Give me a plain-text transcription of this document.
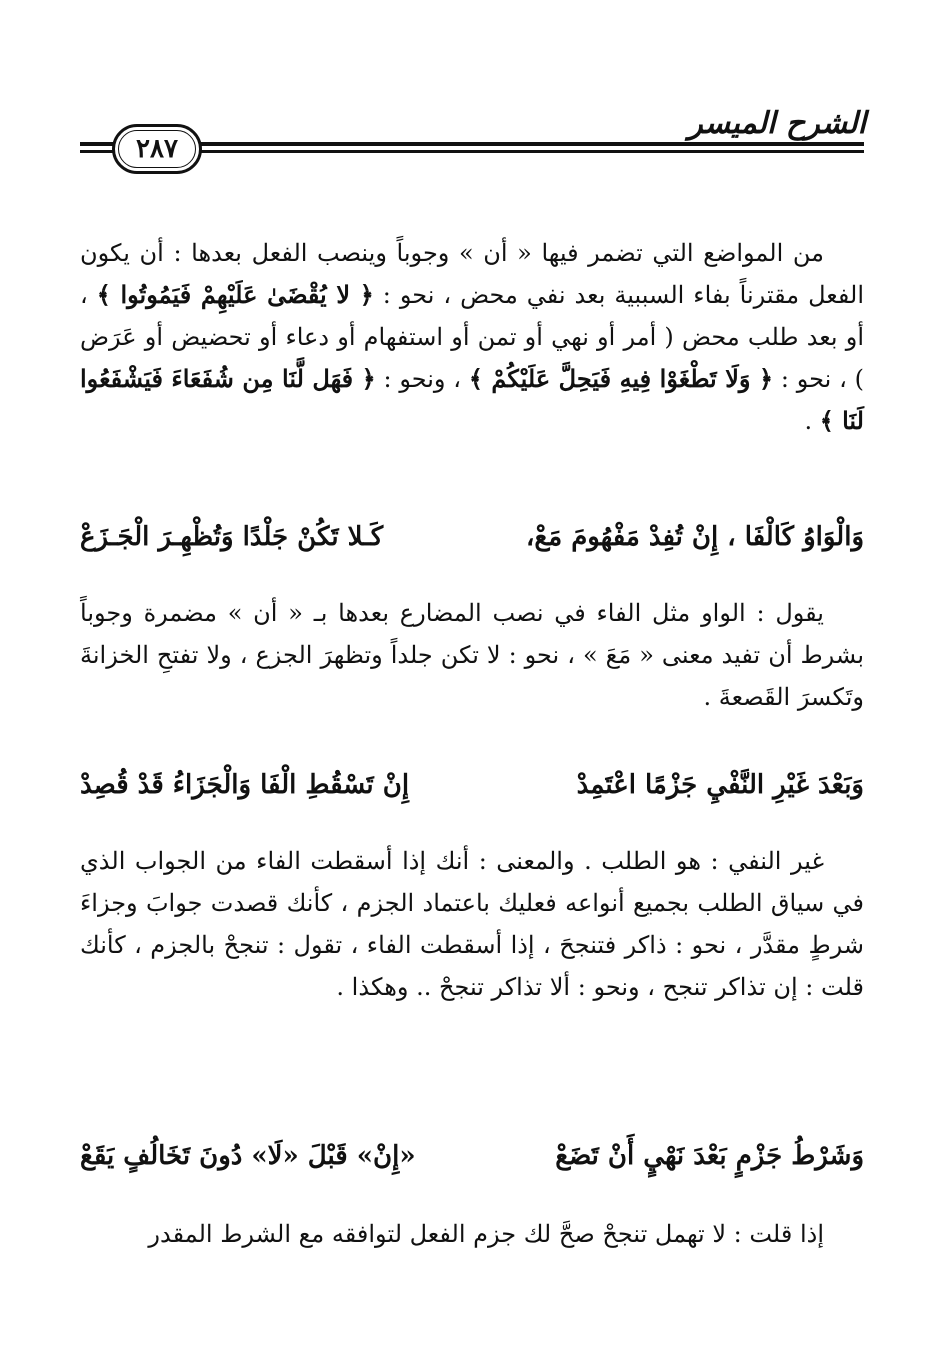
الشرح الميسر
٢٨٧
من المواضع التي تضمر فيها « أن » وجوباً وينصب الفعل بعدها : أن يكون الفعل مقترناً بفاء السببية بعد نفي محض ، نحو : ﴿ لا يُقْضَىٰ عَلَيْهِمْ فَيَمُوتُوا ﴾ ، أو بعد طلب محض ( أمر أو نهي أو تمن أو استفهام أو دعاء أو تحضيض أو عَرَض ) ، نحو : ﴿ وَلَا تَطْغَوْا فِيهِ فَيَحِلَّ عَلَيْكُمْ ﴾ ، ونحو : ﴿ فَهَل لَّنَا مِن شُفَعَاءَ فَيَشْفَعُوا لَنَا ﴾ .
وَالْوَاوُ كَالْفَا ، إِنْ تُفِدْ مَفْهُومَ مَعْ،
كَـلا تَكُنْ جَلْدًا وَتُظْهِـرَ الْجَـزَعْ
يقول : الواو مثل الفاء في نصب المضارع بعدها بـ « أن » مضمرة وجوباً بشرط أن تفيد معنى « مَعَ » ، نحو : لا تكن جلداً وتظهرَ الجزع ، ولا تفتحِ الخزانةَ وتَكسرَ القَصعةَ .
وَبَعْدَ غَيْرِ النَّفْيِ جَزْمًا اعْتَمِدْ
إِنْ تَسْقُطِ الْفَا وَالْجَزَاءُ قَدْ قُصِدْ
غير النفي : هو الطلب . والمعنى : أنك إذا أسقطت الفاء من الجواب الذي في سياق الطلب بجميع أنواعه فعليك باعتماد الجزم ، كأنك قصدت جوابَ وجزاءَ شرطٍ مقدَّر ، نحو : ذاكر فتنجحَ ، إذا أسقطت الفاء ، تقول : تنجحْ بالجزم ، كأنك قلت : إن تذاكر تنجح ، ونحو : ألا تذاكر تنجحْ .. وهكذا .
وَشَرْطُ جَزْمٍ بَعْدَ نَهْيٍ أَنْ تَضَعْ
«إِنْ» قَبْلَ «لَا» دُونَ تَخَالُفٍ يَقَعْ
إذا قلت : لا تهمل تنجحْ صحَّ لك جزم الفعل لتوافقه مع الشرط المقدر
